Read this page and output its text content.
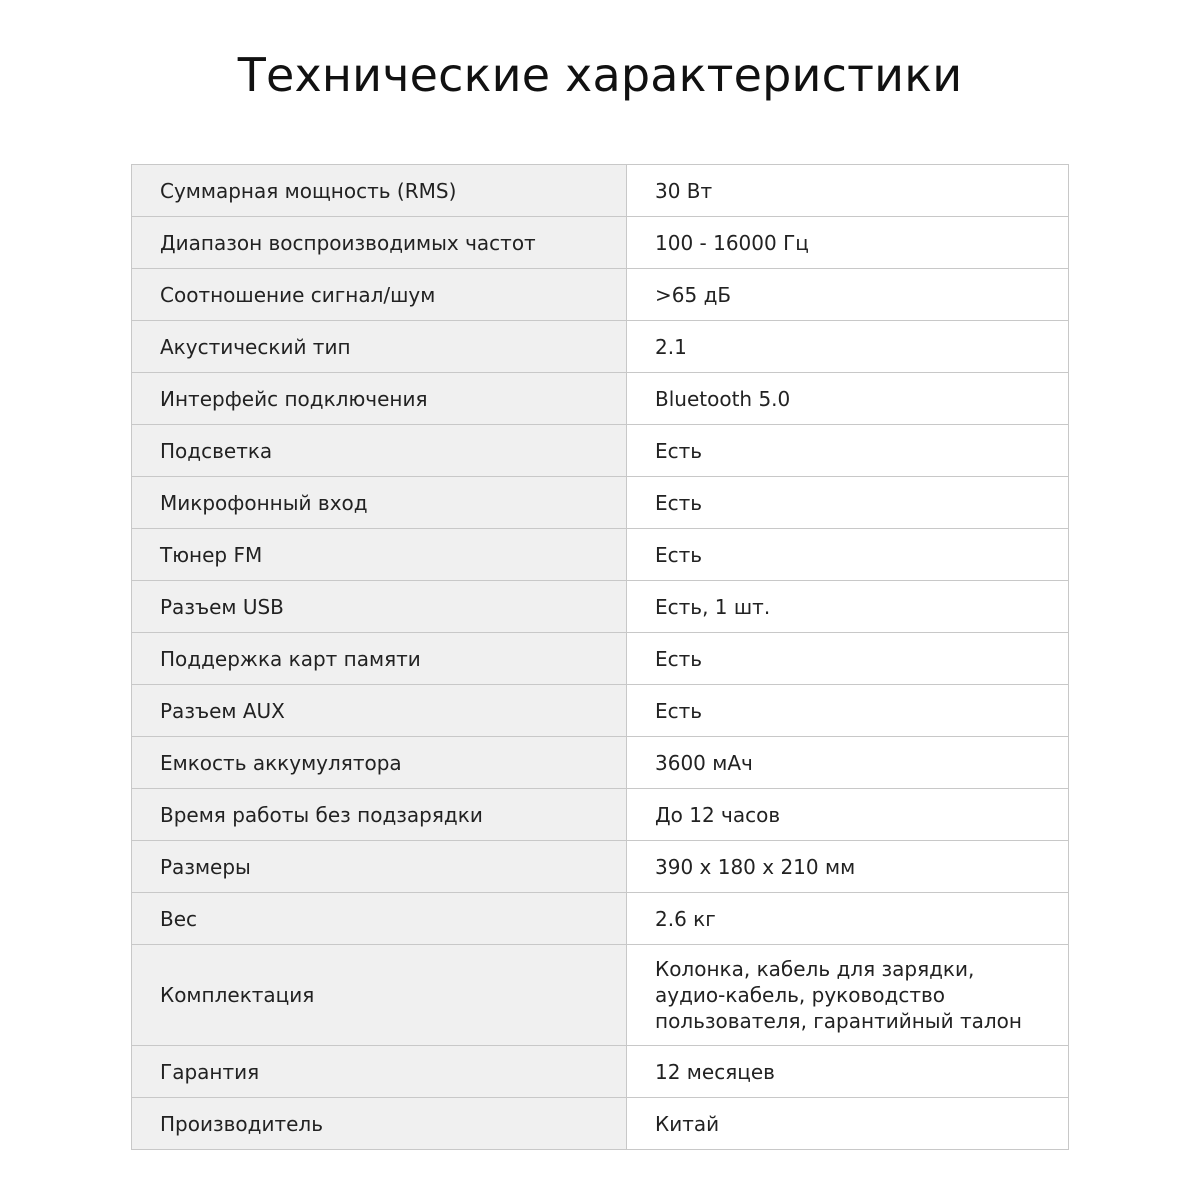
Технические характеристики
Суммарная мощность (RMS)	30 Вт
Диапазон воспроизводимых частот	100 - 16000 Гц
Соотношение сигнал/шум	>65 дБ
Акустический тип	2.1
Интерфейс подключения	Bluetooth 5.0
Подсветка	Есть
Микрофонный вход	Есть
Тюнер FM	Есть
Разъем USB	Есть, 1 шт.
Поддержка карт памяти	Есть
Разъем AUX	Есть
Емкость аккумулятора	3600 мАч
Время работы без подзарядки	До 12 часов
Размеры	390 х 180 х 210 мм
Вес	2.6 кг
Комплектация	Колонка, кабель для зарядки,
аудио-кабель, руководство
пользователя, гарантийный талон
Гарантия	12 месяцев
Производитель	Китай
